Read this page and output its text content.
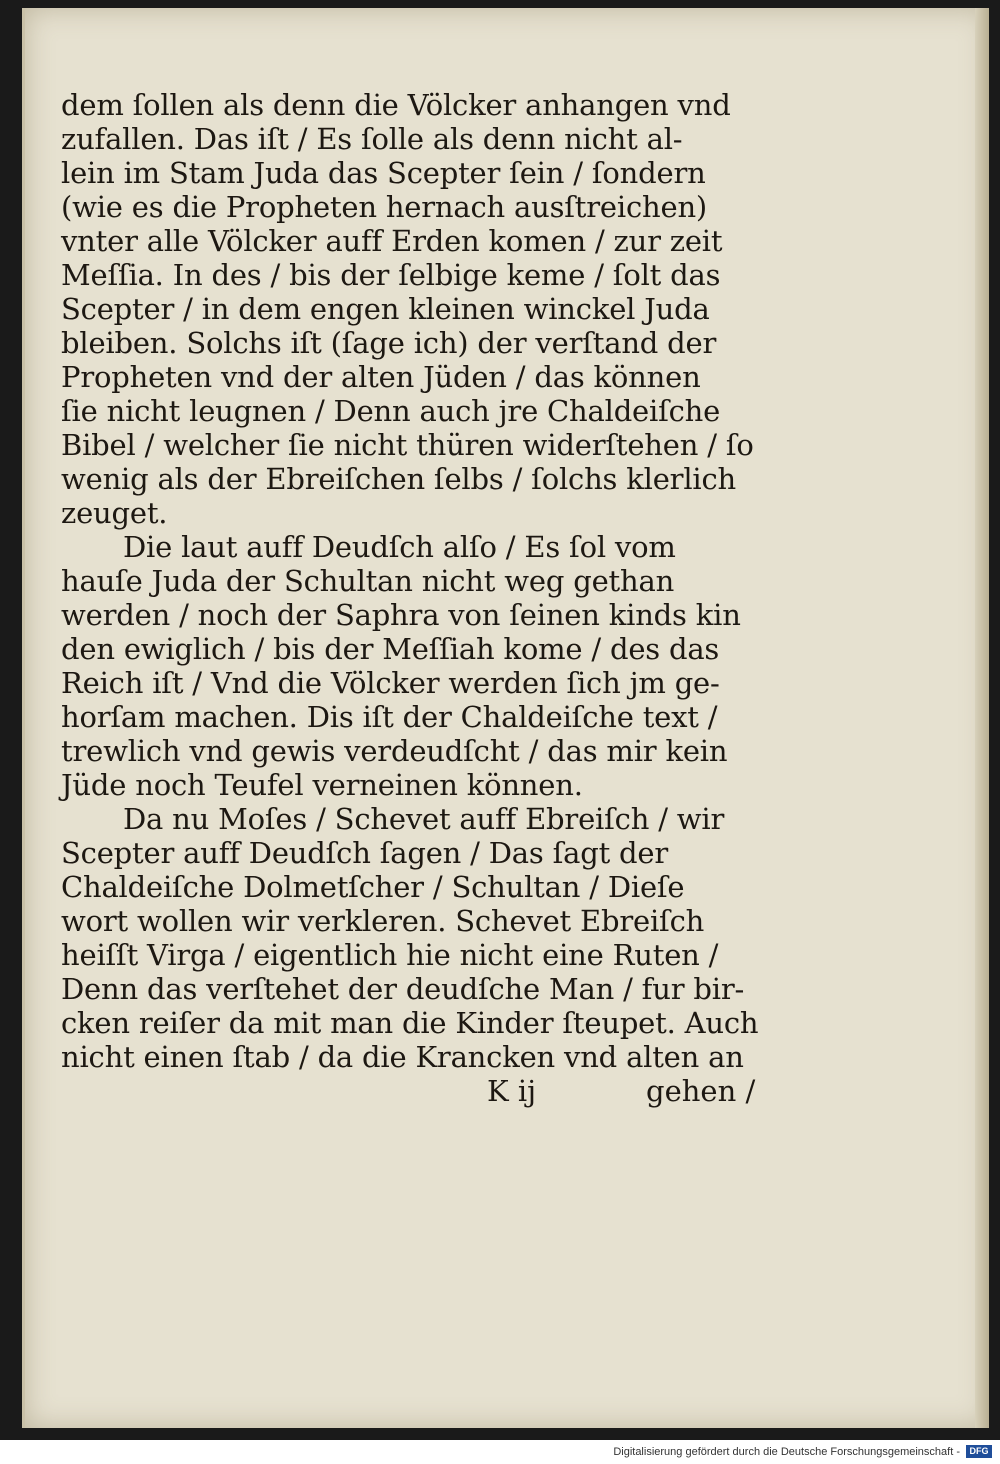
dem ſollen als denn die Völcker anhangen vnd
zufallen. Das iſt / Es ſolle als denn nicht al-
lein im Stam Juda das Scepter ſein / ſondern
(wie es die Propheten hernach ausſtreichen)
vnter alle Völcker auff Erden komen / zur zeit
Meſſia. In des / bis der ſelbige keme / ſolt das
Scepter / in dem engen kleinen winckel Juda
bleiben. Solchs iſt (ſage ich) der verſtand der
Propheten vnd der alten Jüden / das können
ſie nicht leugnen / Denn auch jre Chaldeiſche
Bibel / welcher ſie nicht thüren widerſtehen / ſo
wenig als der Ebreiſchen ſelbs / ſolchs klerlich
zeuget.
Die laut auff Deudſch alſo / Es ſol vom
hauſe Juda der Schultan nicht weg gethan
werden / noch der Saphra von ſeinen kinds kin
den ewiglich / bis der Meſſiah kome / des das
Reich iſt / Vnd die Völcker werden ſich jm ge-
horſam machen. Dis iſt der Chaldeiſche text /
trewlich vnd gewis verdeudſcht / das mir kein
Jüde noch Teufel verneinen können.
Da nu Moſes / Schevet auff Ebreiſch / wir
Scepter auff Deudſch ſagen / Das ſagt der
Chaldeiſche Dolmetſcher / Schultan / Dieſe
wort wollen wir verkleren. Schevet Ebreiſch
heiſſt Virga / eigentlich hie nicht eine Ruten /
Denn das verſtehet der deudſche Man / fur bir-
cken reiſer da mit man die Kinder ſteupet. Auch
nicht einen ſtab / da die Krancken vnd alten an
K ij	gehen /
Digitalisierung gefördert durch die Deutsche Forschungsgemeinschaft -	DFG
